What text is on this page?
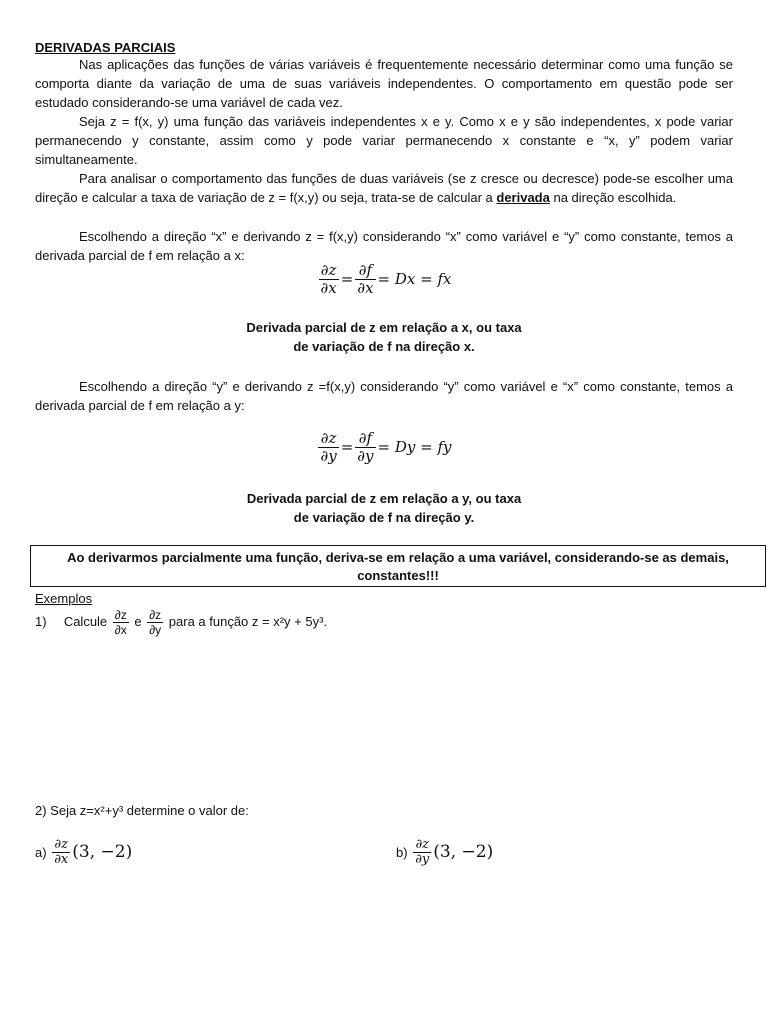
DERIVADAS PARCIAIS
Nas aplicações das funções de várias variáveis é frequentemente necessário determinar como uma função se comporta diante da variação de uma de suas variáveis independentes. O comportamento em questão pode ser estudado considerando-se uma variável de cada vez.
Seja z = f(x, y) uma função das variáveis independentes x e y. Como x e y são independentes, x pode variar permanecendo y constante, assim como y pode variar permanecendo x constante e “x, y” podem variar simultaneamente.
Para analisar o comportamento das funções de duas variáveis (se z cresce ou decresce) pode-se escolher uma direção e calcular a taxa de variação de z = f(x,y) ou seja, trata-se de calcular a derivada na direção escolhida.
Escolhendo a direção “x” e derivando z = f(x,y) considerando “x” como variável e “y” como constante, temos a derivada parcial de f em relação a x:
$\frac{\partial z}{\partial x} = \frac{\partial f}{\partial x} = Dx$ = fx
Derivada parcial de z em relação a x, ou taxa
de variação de f na direção x.
Escolhendo a direção “y” e derivando z =f(x,y) considerando “y” como variável e “x” como constante, temos a derivada parcial de f em relação a y:
$\frac{\partial z}{\partial y} = \frac{\partial f}{\partial y} = Dy$ = fy
Derivada parcial de z em relação a y, ou taxa
de variação de f na direção y.
Ao derivarmos parcialmente uma função, deriva-se em relação a uma variável, considerando-se as demais, constantes!!!
Exemplos
1) Calcule $\frac{\partial z}{\partial x}$ e $\frac{\partial z}{\partial y}$ para a função z = x²y + 5y³.
2) Seja z=x²+y³ determine o valor de:
$a) \frac{\partial z}{\partial x} (3$, −2)	$b) \frac{\partial z}{\partial y} (3$, −2)
